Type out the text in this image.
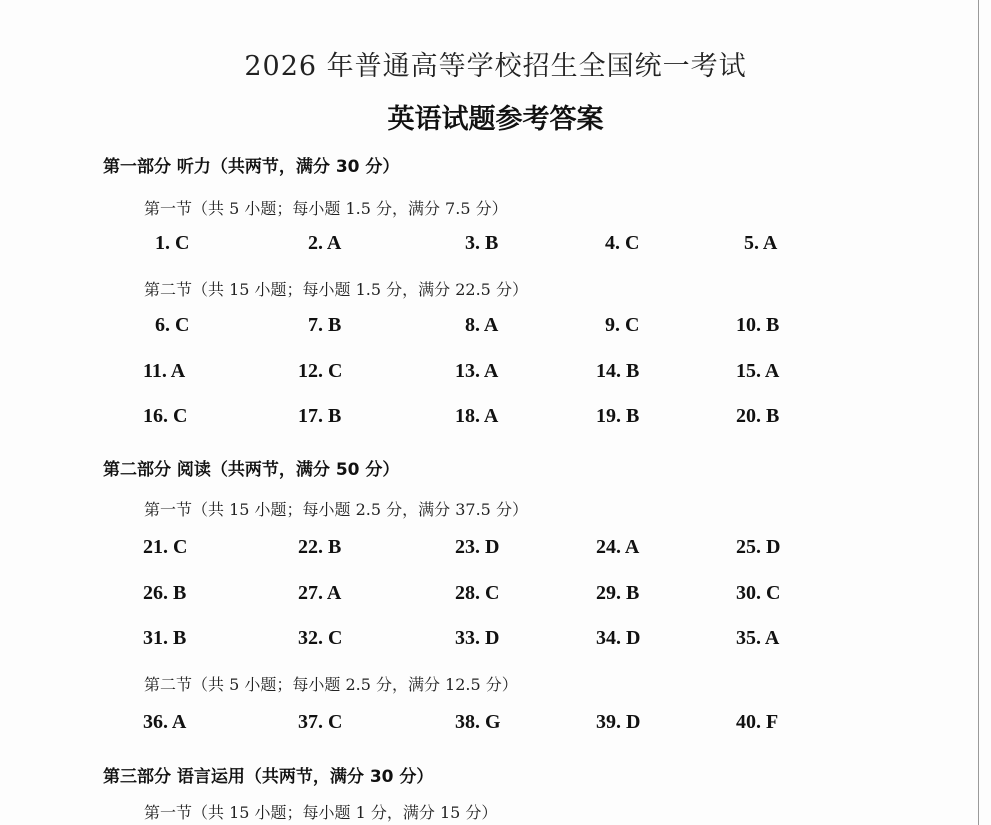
2026 年普通高等学校招生全国统一考试
英语试题参考答案
第一部分 听力（共两节，满分 30 分）
第一节（共 5 小题；每小题 1.5 分，满分 7.5 分）
1. C	2. A	3. B	4. C	5. A
第二节（共 15 小题；每小题 1.5 分，满分 22.5 分）
6. C	7. B	8. A	9. C	10. B
11. A	12. C	13. A	14. B	15. A
16. C	17. B	18. A	19. B	20. B
第二部分 阅读（共两节，满分 50 分）
第一节（共 15 小题；每小题 2.5 分，满分 37.5 分）
21. C	22. B	23. D	24. A	25. D
26. B	27. A	28. C	29. B	30. C
31. B	32. C	33. D	34. D	35. A
第二节（共 5 小题；每小题 2.5 分，满分 12.5 分）
36. A	37. C	38. G	39. D	40. F
第三部分 语言运用（共两节，满分 30 分）
第一节（共 15 小题；每小题 1 分，满分 15 分）
